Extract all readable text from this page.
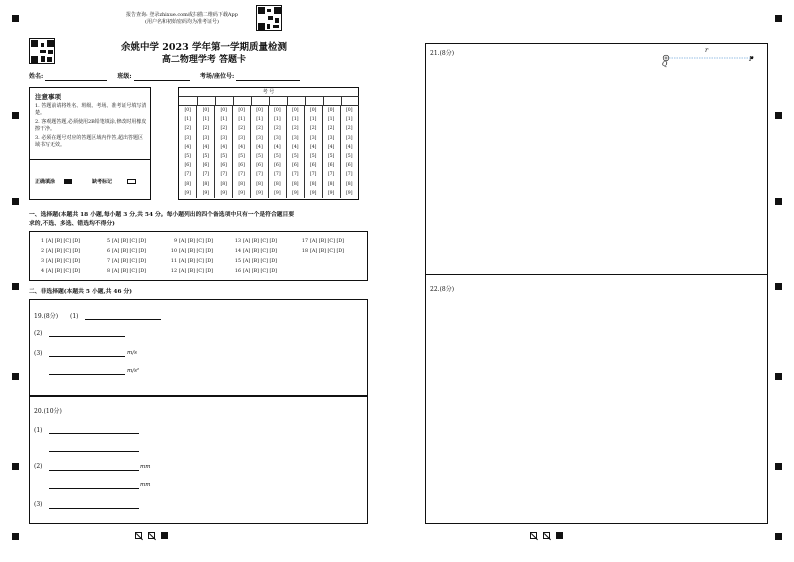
报告查询: 登录zhixue.com或扫描二维码下载App
(用户名和初始密码均为准考证号)
余姚中学 2023 学年第一学期质量检测
高二物理学考 答题卡
姓名:	班级:	考场/座位号:
注意事项
1. 答题前请将姓名、班级、考场、准考证号填写清楚。
2. 客观题答题,必须使用2B铅笔填涂,修改时用橡皮擦干净。
3. 必须在题号对应的答题区域内作答,超出答题区域书写无效。
正确填涂	缺考标记
考 号
[0]	[0]	[0]	[0]	[0]	[0]	[0]	[0]	[0]	[0]
[1]	[1]	[1]	[1]	[1]	[1]	[1]	[1]	[1]	[1]
[2]	[2]	[2]	[2]	[2]	[2]	[2]	[2]	[2]	[2]
[3]	[3]	[3]	[3]	[3]	[3]	[3]	[3]	[3]	[3]
[4]	[4]	[4]	[4]	[4]	[4]	[4]	[4]	[4]	[4]
[5]	[5]	[5]	[5]	[5]	[5]	[5]	[5]	[5]	[5]
[6]	[6]	[6]	[6]	[6]	[6]	[6]	[6]	[6]	[6]
[7]	[7]	[7]	[7]	[7]	[7]	[7]	[7]	[7]	[7]
[8]	[8]	[8]	[8]	[8]	[8]	[8]	[8]	[8]	[8]
[9]	[9]	[9]	[9]	[9]	[9]	[9]	[9]	[9]	[9]
一、选择题(本题共 18 小题,每小题 3 分,共 54 分。每小题列出的四个备选项中只有一个是符合题目要
求的,不选、多选、错选均不得分)
1 [A] [B] [C] [D]
2 [A] [B] [C] [D]
3 [A] [B] [C] [D]
4 [A] [B] [C] [D]
5 [A] [B] [C] [D]
6 [A] [B] [C] [D]
7 [A] [B] [C] [D]
8 [A] [B] [C] [D]
9 [A] [B] [C] [D]
10 [A] [B] [C] [D]
11 [A] [B] [C] [D]
12 [A] [B] [C] [D]
13 [A] [B] [C] [D]
14 [A] [B] [C] [D]
15 [A] [B] [C] [D]
16 [A] [B] [C] [D]
17 [A] [B] [C] [D]
18 [A] [B] [C] [D]
二、非选择题(本题共 5 小题,共 46 分)
19.(8分) (1)
(2)
(3)	m/s
m/s²
20.(10分)
(1)
(2)	mm
mm
(3)
21.(8分)
Q
r
P
22.(8分)
